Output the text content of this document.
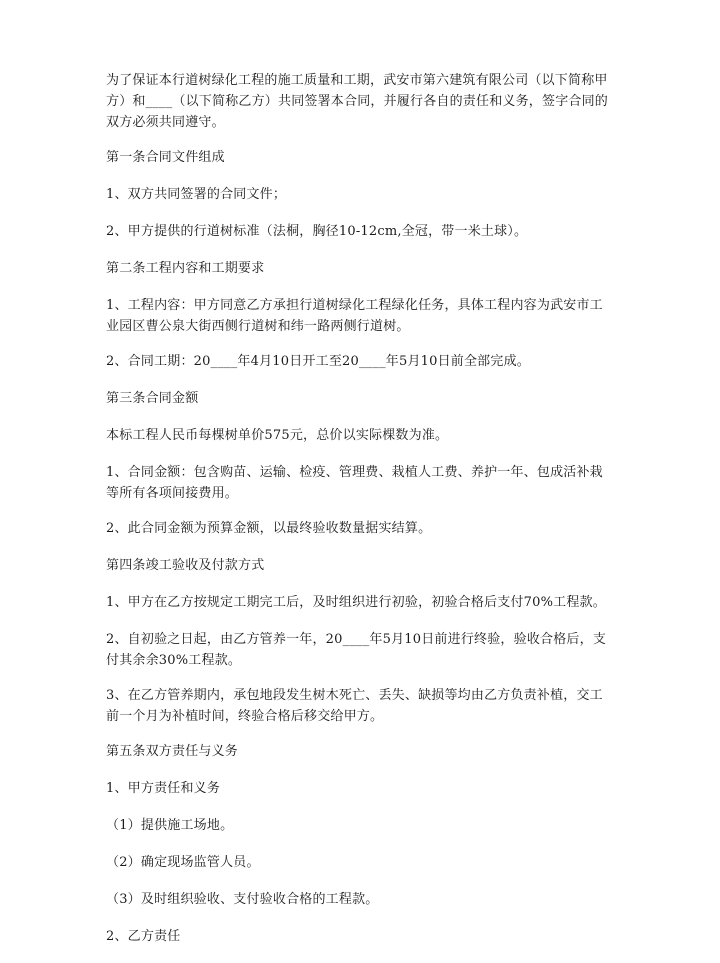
为了保证本行道树绿化工程的施工质量和工期，武安市第六建筑有限公司（以下简称甲方）和____（以下简称乙方）共同签署本合同，并履行各自的责任和义务，签字合同的双方必须共同遵守。

第一条合同文件组成

1、双方共同签署的合同文件；

2、甲方提供的行道树标准（法桐，胸径10-12cm,全冠，带一米土球）。

第二条工程内容和工期要求

1、工程内容：甲方同意乙方承担行道树绿化工程绿化任务，具体工程内容为武安市工业园区曹公泉大街西侧行道树和纬一路两侧行道树。

2、合同工期：20____年4月10日开工至20____年5月10日前全部完成。

第三条合同金额

本标工程人民币每棵树单价575元，总价以实际棵数为准。

1、合同金额：包含购苗、运输、检疫、管理费、栽植人工费、养护一年、包成活补栽等所有各项间接费用。

2、此合同金额为预算金额，以最终验收数量据实结算。

第四条竣工验收及付款方式

1、甲方在乙方按规定工期完工后，及时组织进行初验，初验合格后支付70%工程款。

2、自初验之日起，由乙方管养一年，20____年5月10日前进行终验，验收合格后，支付其余余30%工程款。

3、在乙方管养期内，承包地段发生树木死亡、丢失、缺损等均由乙方负责补植，交工前一个月为补植时间，终验合格后移交给甲方。

第五条双方责任与义务

1、甲方责任和义务

（1）提供施工场地。

（2）确定现场监管人员。

（3）及时组织验收、支付验收合格的工程款。

2、乙方责任
